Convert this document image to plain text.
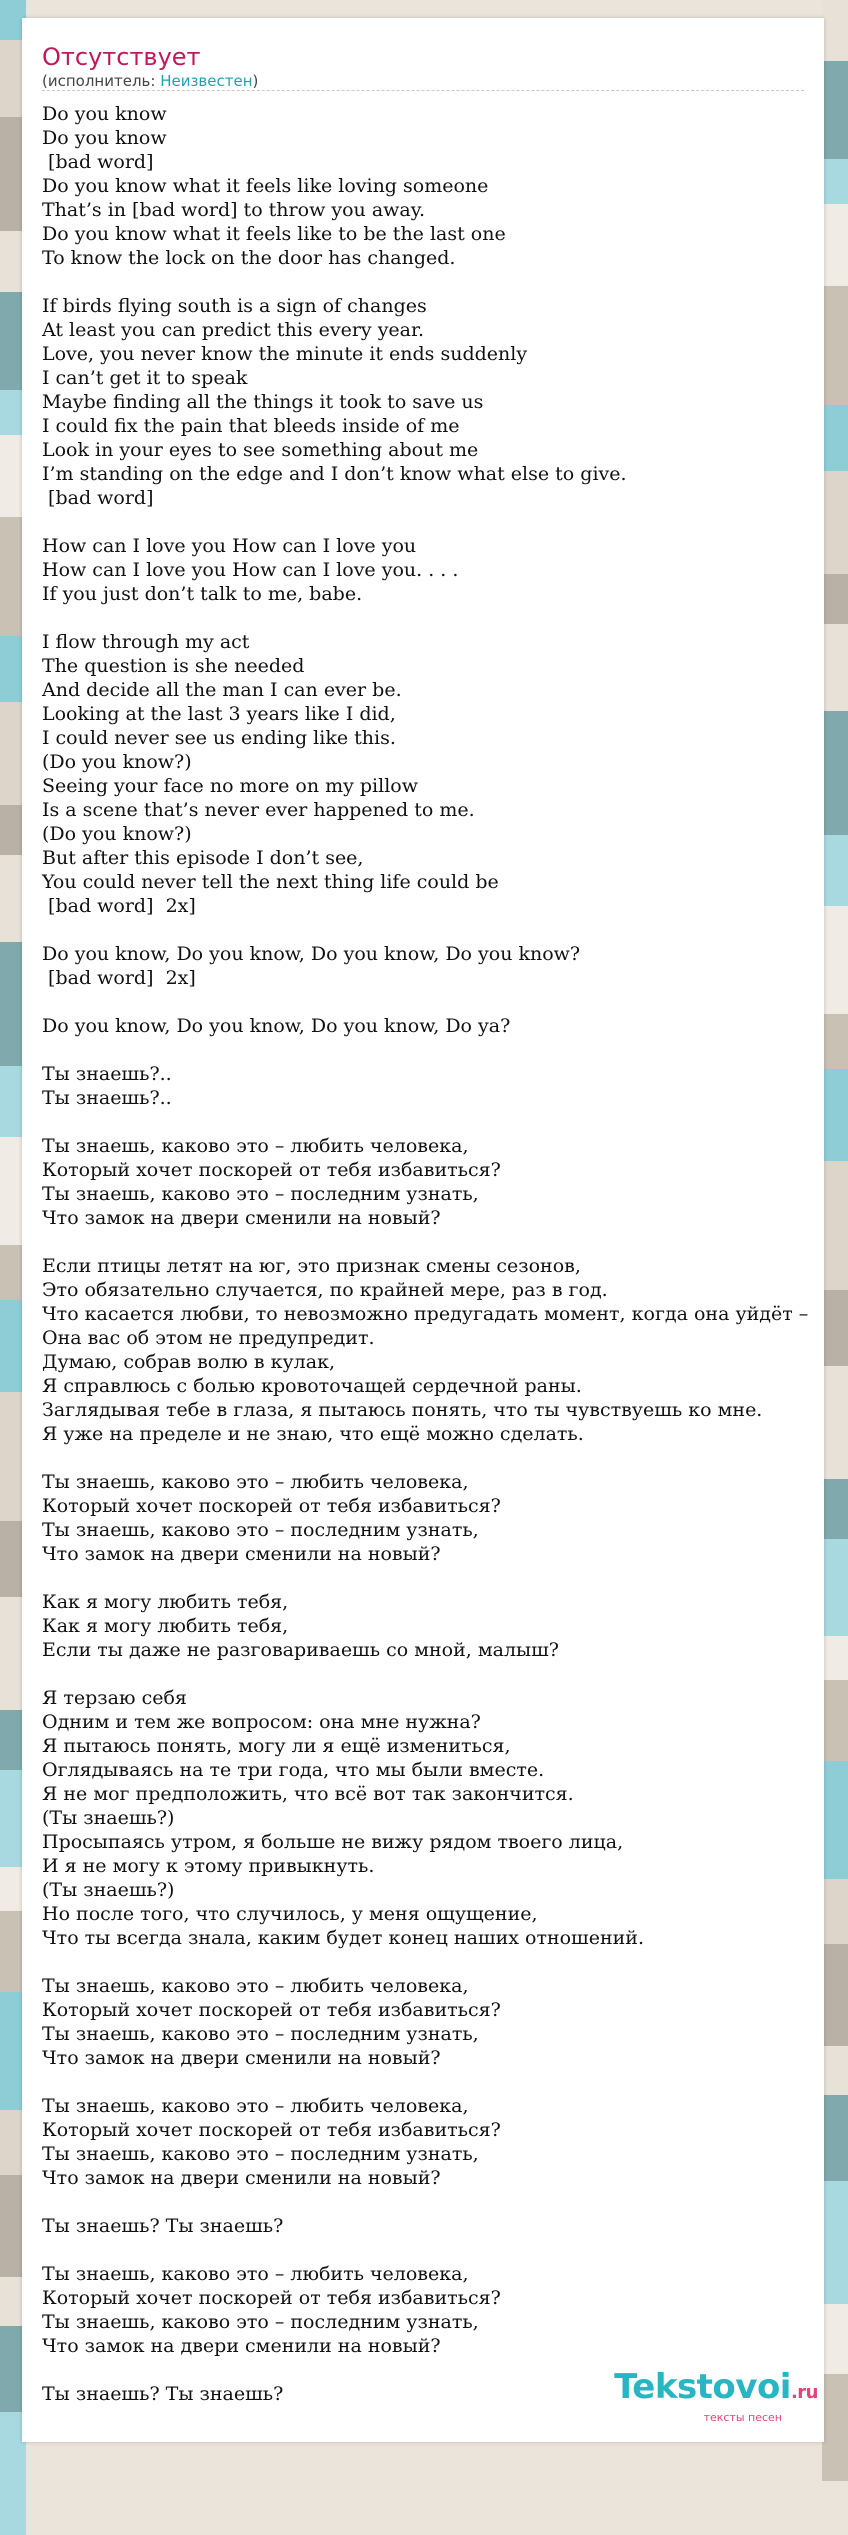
Отсутствует
(исполнитель: Неизвестен)
Do you know
Do you know
[bad word]
Do you know what it feels like loving someone
That’s in [bad word] to throw you away.
Do you know what it feels like to be the last one
To know the lock on the door has changed.
If birds flying south is a sign of changes
At least you can predict this every year.
Love, you never know the minute it ends suddenly
I can’t get it to speak
Maybe finding all the things it took to save us
I could fix the pain that bleeds inside of me
Look in your eyes to see something about me
I’m standing on the edge and I don’t know what else to give.
[bad word]
How can I love you How can I love you
How can I love you How can I love you. . . .
If you just don’t talk to me, babe.
I flow through my act
The question is she needed
And decide all the man I can ever be.
Looking at the last 3 years like I did,
I could never see us ending like this.
(Do you know?)
Seeing your face no more on my pillow
Is a scene that’s never ever happened to me.
(Do you know?)
But after this episode I don’t see,
You could never tell the next thing life could be
[bad word]  2x]
Do you know, Do you know, Do you know, Do you know?
[bad word]  2x]
Do you know, Do you know, Do you know, Do ya?
Ты знаешь?..
Ты знаешь?..
Ты знаешь, каково это – любить человека,
Который хочет поскорей от тебя избавиться?
Ты знаешь, каково это – последним узнать,
Что замок на двери сменили на новый?
Если птицы летят на юг, это признак смены сезонов,
Это обязательно случается, по крайней мере, раз в год.
Что касается любви, то невозможно предугадать момент, когда она уйдёт –
Она вас об этом не предупредит.
Думаю, собрав волю в кулак,
Я справлюсь с болью кровоточащей сердечной раны.
Заглядывая тебе в глаза, я пытаюсь понять, что ты чувствуешь ко мне.
Я уже на пределе и не знаю, что ещё можно сделать.
Ты знаешь, каково это – любить человека,
Который хочет поскорей от тебя избавиться?
Ты знаешь, каково это – последним узнать,
Что замок на двери сменили на новый?
Как я могу любить тебя,
Как я могу любить тебя,
Если ты даже не разговариваешь со мной, малыш?
Я терзаю себя
Одним и тем же вопросом: она мне нужна?
Я пытаюсь понять, могу ли я ещё измениться,
Оглядываясь на те три года, что мы были вместе.
Я не мог предположить, что всё вот так закончится.
(Ты знаешь?)
Просыпаясь утром, я больше не вижу рядом твоего лица,
И я не могу к этому привыкнуть.
(Ты знаешь?)
Но после того, что случилось, у меня ощущение,
Что ты всегда знала, каким будет конец наших отношений.
Ты знаешь, каково это – любить человека,
Который хочет поскорей от тебя избавиться?
Ты знаешь, каково это – последним узнать,
Что замок на двери сменили на новый?
Ты знаешь, каково это – любить человека,
Который хочет поскорей от тебя избавиться?
Ты знаешь, каково это – последним узнать,
Что замок на двери сменили на новый?
Ты знаешь? Ты знаешь?
Ты знаешь, каково это – любить человека,
Который хочет поскорей от тебя избавиться?
Ты знаешь, каково это – последним узнать,
Что замок на двери сменили на новый?
Ты знаешь? Ты знаешь?	Tekstovoi.ru
тексты песен
